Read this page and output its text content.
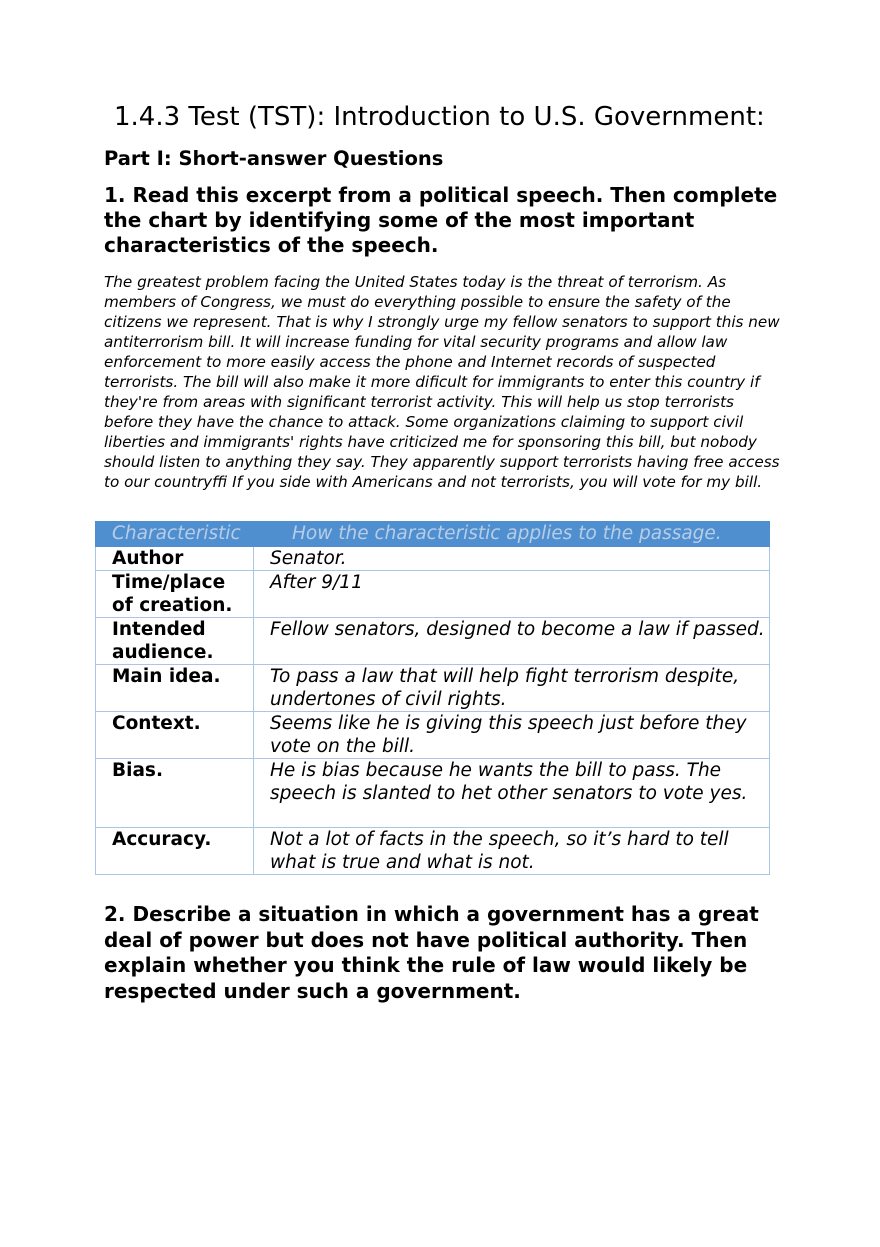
1.4.3 Test (TST): Introduction to U.S. Government:
Part I: Short-answer Questions

1. Read this excerpt from a political speech. Then complete the chart by identifying some of the most important characteristics of the speech.

The greatest problem facing the United States today is the threat of terrorism. As members of Congress, we must do everything possible to ensure the safety of the citizens we represent. That is why I strongly urge my fellow senators to support this new antiterrorism bill. It will increase funding for vital security programs and allow law enforcement to more easily access the phone and Internet records of suspected terrorists. The bill will also make it more diﬁcult for immigrants to enter this country if they're from areas with significant terrorist activity. This will help us stop terrorists before they have the chance to attack. Some organizations claiming to support civil liberties and immigrants' rights have criticized me for sponsoring this bill, but nobody should listen to anything they say. They apparently support terrorists having free access to our countryﬃ If you side with Americans and not terrorists, you will vote for my bill.

Characteristic	How the characteristic applies to the passage.
Author	Senator.
Time/place of creation.	After 9/11
Intended audience.	Fellow senators, designed to become a law if passed.
Main idea.	To pass a law that will help fight terrorism despite, undertones of civil rights.
Context.	Seems like he is giving this speech just before they vote on the bill.
Bias.	He is bias because he wants the bill to pass. The speech is slanted to het other senators to vote yes.
Accuracy.	Not a lot of facts in the speech, so it’s hard to tell what is true and what is not.

2. Describe a situation in which a government has a great deal of power but does not have political authority. Then explain whether you think the rule of law would likely be respected under such a government.
